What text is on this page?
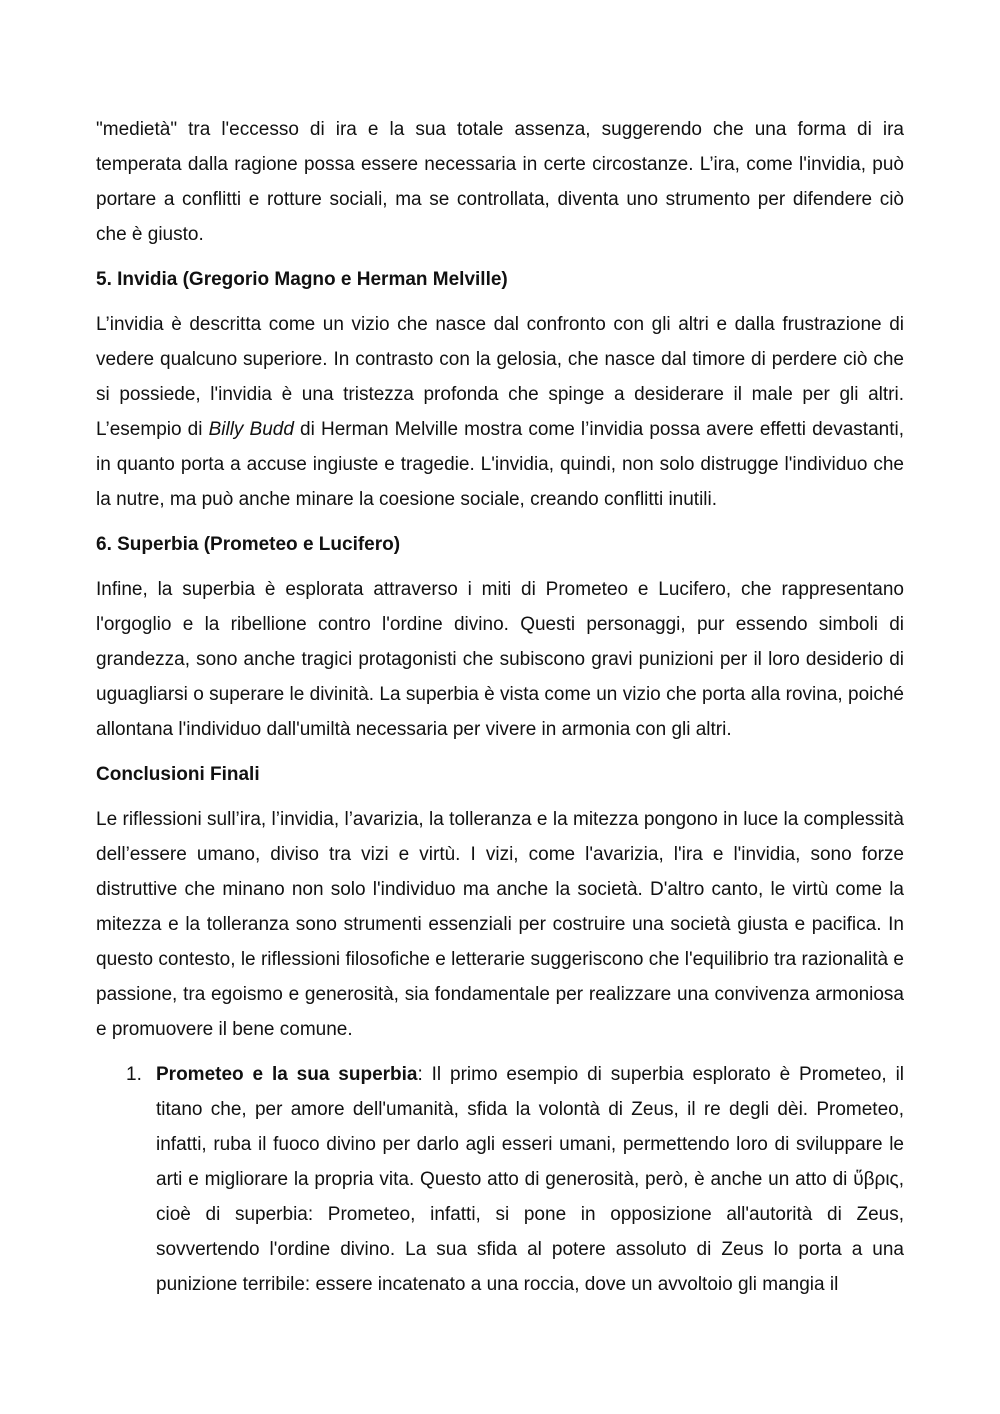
"medietà" tra l'eccesso di ira e la sua totale assenza, suggerendo che una forma di ira temperata dalla ragione possa essere necessaria in certe circostanze. L’ira, come l'invidia, può portare a conflitti e rotture sociali, ma se controllata, diventa uno strumento per difendere ciò che è giusto.

5. Invidia (Gregorio Magno e Herman Melville)

L’invidia è descritta come un vizio che nasce dal confronto con gli altri e dalla frustrazione di vedere qualcuno superiore. In contrasto con la gelosia, che nasce dal timore di perdere ciò che si possiede, l'invidia è una tristezza profonda che spinge a desiderare il male per gli altri. L’esempio di Billy Budd di Herman Melville mostra come l’invidia possa avere effetti devastanti, in quanto porta a accuse ingiuste e tragedie. L'invidia, quindi, non solo distrugge l'individuo che la nutre, ma può anche minare la coesione sociale, creando conflitti inutili.

6. Superbia (Prometeo e Lucifero)

Infine, la superbia è esplorata attraverso i miti di Prometeo e Lucifero, che rappresentano l'orgoglio e la ribellione contro l'ordine divino. Questi personaggi, pur essendo simboli di grandezza, sono anche tragici protagonisti che subiscono gravi punizioni per il loro desiderio di uguagliarsi o superare le divinità. La superbia è vista come un vizio che porta alla rovina, poiché allontana l'individuo dall'umiltà necessaria per vivere in armonia con gli altri.

Conclusioni Finali

Le riflessioni sull’ira, l’invidia, l’avarizia, la tolleranza e la mitezza pongono in luce la complessità dell’essere umano, diviso tra vizi e virtù. I vizi, come l'avarizia, l'ira e l'invidia, sono forze distruttive che minano non solo l'individuo ma anche la società. D'altro canto, le virtù come la mitezza e la tolleranza sono strumenti essenziali per costruire una società giusta e pacifica. In questo contesto, le riflessioni filosofiche e letterarie suggeriscono che l'equilibrio tra razionalità e passione, tra egoismo e generosità, sia fondamentale per realizzare una convivenza armoniosa e promuovere il bene comune.

1. Prometeo e la sua superbia: Il primo esempio di superbia esplorato è Prometeo, il titano che, per amore dell'umanità, sfida la volontà di Zeus, il re degli dèi. Prometeo, infatti, ruba il fuoco divino per darlo agli esseri umani, permettendo loro di sviluppare le arti e migliorare la propria vita. Questo atto di generosità, però, è anche un atto di ὕβρις, cioè di superbia: Prometeo, infatti, si pone in opposizione all'autorità di Zeus, sovvertendo l'ordine divino. La sua sfida al potere assoluto di Zeus lo porta a una punizione terribile: essere incatenato a una roccia, dove un avvoltoio gli mangia il
